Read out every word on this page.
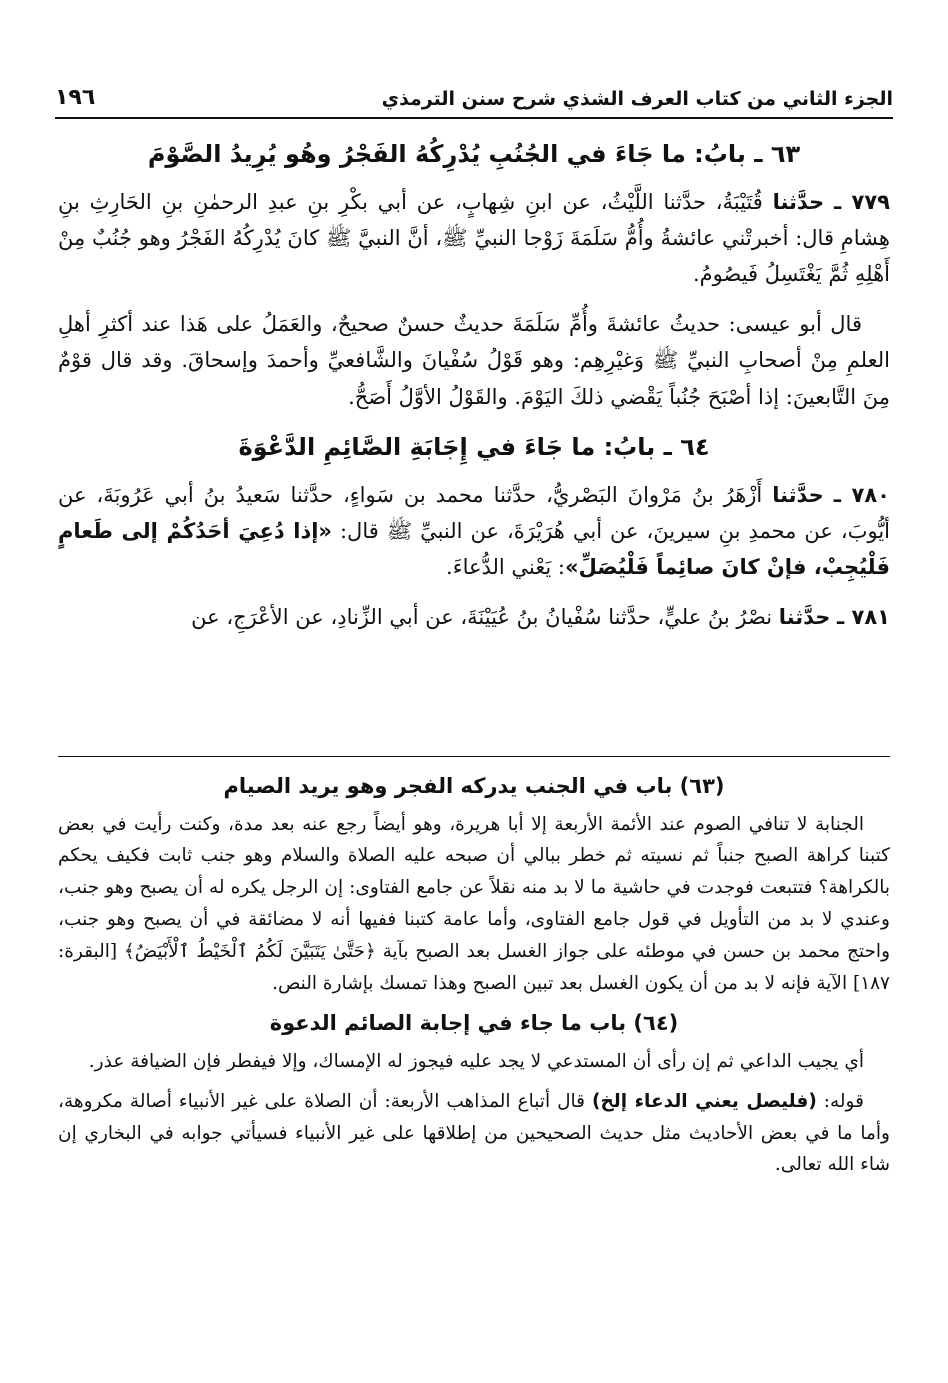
الجزء الثاني من كتاب العرف الشذي شرح سنن الترمذي
١٩٦
٦٣ ـ بابُ: ما جَاءَ في الجُنُبِ يُدْرِكُهُ الفَجْرُ وهُو يُرِيدُ الصَّوْمَ

٧٧٩ ـ حدَّثنا قُتَيْبَةُ، حدَّثنا اللَّيْثُ، عن ابنِ شِهابٍ، عن أبي بكْرِ بنِ عبدِ الرحمٰنِ بنِ الحَارِثِ بنِ هِشامِ قال: أخبرتْني عائشةُ وأُمُّ سَلَمَةَ زَوْجا النبيِّ ﷺ، أنَّ النبيَّ ﷺ كانَ يُدْرِكُهُ الفَجْرُ وهو جُنُبٌ مِنْ أَهْلِهِ ثُمَّ يَغْتَسِلُ فَيصُومُ.

قال أبو عيسى: حديثُ عائشةَ وأُمِّ سَلَمَةَ حديثٌ حسنٌ صحيحٌ، والعَمَلُ على هَذا عند أكثرِ أهلِ العلمِ مِنْ أصحابِ النبيِّ ﷺ وَغيْرِهِم: وهو قَوْلُ سُفْيانَ والشَّافعيِّ وأحمدَ وإسحاقَ. وقد قال قوْمٌ مِنَ التَّابعينَ: إذا أصْبَحَ جُنُباً يَقْضي ذلكَ اليَوْمَ. والقَوْلُ الأوَّلُ أَصَحُّ.

٦٤ ـ بابُ: ما جَاءَ في إِجَابَةِ الصَّائِمِ الدَّعْوَةَ

٧٨٠ ـ حدَّثنا أَزْهَرُ بنُ مَرْوانَ البَصْريُّ، حدَّثنا محمد بن سَواءٍ، حدَّثنا سَعيدُ بنُ أبي عَرُوبَةَ، عن أيُّوبَ، عن محمدِ بنِ سيرينَ، عن أبي هُرَيْرَةَ، عن النبيِّ ﷺ قال: «إذا دُعِيَ أحَدُكُمْ إلى طَعامٍ فَلْيُجِبْ، فإنْ كانَ صائِماً فَلْيُصَلِّ»: يَعْني الدُّعاءَ.

٧٨١ ـ حدَّثنا نصْرُ بنُ عليٍّ، حدَّثنا سُفْيانُ بنُ عُيَيْنَةَ، عن أبي الزِّنادِ، عن الأعْرَجِ، عن

(٦٣) باب في الجنب يدركه الفجر وهو يريد الصيام

الجنابة لا تنافي الصوم عند الأئمة الأربعة إلا أبا هريرة، وهو أيضاً رجع عنه بعد مدة، وكنت رأيت في بعض كتبنا كراهة الصبح جنباً ثم نسيته ثم خطر ببالي أن صبحه عليه الصلاة والسلام وهو جنب ثابت فكيف يحكم بالكراهة؟ فتتبعت فوجدت في حاشية ما لا بد منه نقلاً عن جامع الفتاوى: إن الرجل يكره له أن يصبح وهو جنب، وعندي لا بد من التأويل في قول جامع الفتاوى، وأما عامة كتبنا ففيها أنه لا مضائقة في أن يصبح وهو جنب، واحتج محمد بن حسن في موطئه على جواز الغسل بعد الصبح بآية ﴿حَتَّىٰ يَتَبَيَّنَ لَكُمُ ٱلْخَيْطُ ٱلْأَبْيَضُ﴾ [البقرة: ١٨٧] الآية فإنه لا بد من أن يكون الغسل بعد تبين الصبح وهذا تمسك بإشارة النص.

(٦٤) باب ما جاء في إجابة الصائم الدعوة

أي يجيب الداعي ثم إن رأى أن المستدعي لا يجد عليه فيجوز له الإمساك، وإلا فيفطر فإن الضيافة عذر.

قوله: (فليصل يعني الدعاء إلخ) قال أتباع المذاهب الأربعة: أن الصلاة على غير الأنبياء أصالة مكروهة، وأما ما في بعض الأحاديث مثل حديث الصحيحين من إطلاقها على غير الأنبياء فسيأتي جوابه في البخاري إن شاء الله تعالى.
